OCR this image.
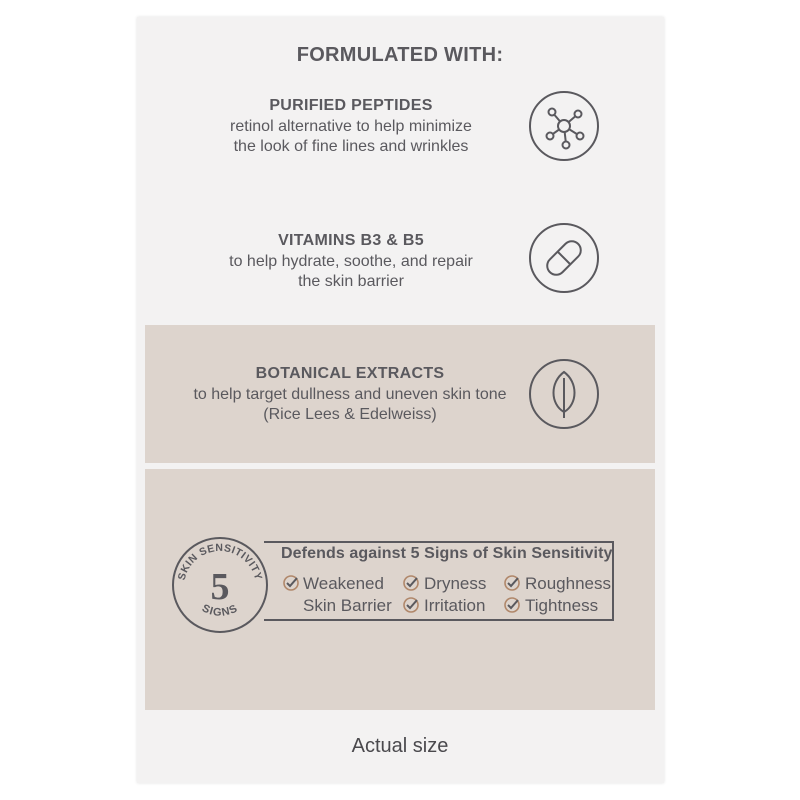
FORMULATED WITH:
PURIFIED PEPTIDES
retinol alternative to help minimize
the look of fine lines and wrinkles
VITAMINS B3 & B5
to help hydrate, soothe, and repair
the skin barrier
BOTANICAL EXTRACTS
to help target dullness and uneven skin tone
(Rice Lees & Edelweiss)
SKIN SENSITIVITY
5
SIGNS
Defends against 5 Signs of Skin Sensitivity
Weakened
Skin Barrier
Dryness
Irritation
Roughness
Tightness
Actual size
